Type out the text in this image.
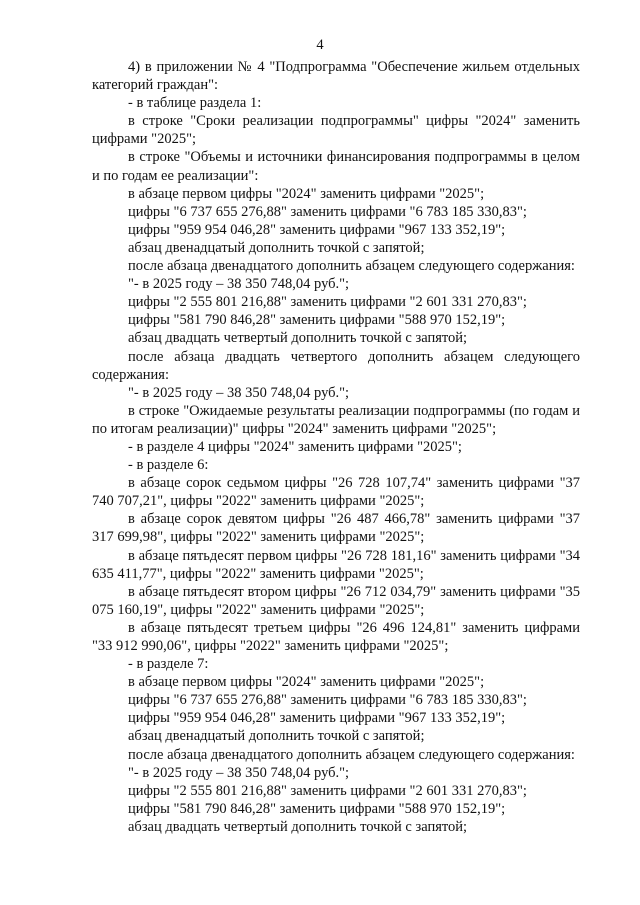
4

4) в приложении № 4 "Подпрограмма "Обеспечение жильем отдельных категорий граждан":

- в таблице раздела 1:

в строке "Сроки реализации подпрограммы" цифры "2024" заменить цифрами "2025";

в строке "Объемы и источники финансирования подпрограммы в целом и по годам ее реализации":

в абзаце первом цифры "2024" заменить цифрами "2025";

цифры "6 737 655 276,88" заменить цифрами "6 783 185 330,83";

цифры "959 954 046,28" заменить цифрами "967 133 352,19";

абзац двенадцатый дополнить точкой с запятой;

после абзаца двенадцатого дополнить абзацем следующего содержания:

"- в 2025 году – 38 350 748,04 руб.";

цифры "2 555 801 216,88" заменить цифрами "2 601 331 270,83";

цифры "581 790 846,28" заменить цифрами "588 970 152,19";

абзац двадцать четвертый дополнить точкой с запятой;

после абзаца двадцать четвертого дополнить абзацем следующего содержания:

"- в 2025 году – 38 350 748,04 руб.";

в строке "Ожидаемые результаты реализации подпрограммы (по годам и по итогам реализации)" цифры "2024" заменить цифрами "2025";

- в разделе 4 цифры "2024" заменить цифрами "2025";

- в разделе 6:

в абзаце сорок седьмом цифры "26 728 107,74" заменить цифрами "37 740 707,21", цифры "2022" заменить цифрами "2025";

в абзаце сорок девятом цифры "26 487 466,78" заменить цифрами "37 317 699,98", цифры "2022" заменить цифрами "2025";

в абзаце пятьдесят первом цифры "26 728 181,16" заменить цифрами "34 635 411,77", цифры "2022" заменить цифрами "2025";

в абзаце пятьдесят втором цифры "26 712 034,79" заменить цифрами "35 075 160,19", цифры "2022" заменить цифрами "2025";

в абзаце пятьдесят третьем цифры "26 496 124,81" заменить цифрами "33 912 990,06", цифры "2022" заменить цифрами "2025";

- в разделе 7:

в абзаце первом цифры "2024" заменить цифрами "2025";

цифры "6 737 655 276,88" заменить цифрами "6 783 185 330,83";

цифры "959 954 046,28" заменить цифрами "967 133 352,19";

абзац двенадцатый дополнить точкой с запятой;

после абзаца двенадцатого дополнить абзацем следующего содержания:

"- в 2025 году – 38 350 748,04 руб.";

цифры "2 555 801 216,88" заменить цифрами "2 601 331 270,83";

цифры "581 790 846,28" заменить цифрами "588 970 152,19";

абзац двадцать четвертый дополнить точкой с запятой;
